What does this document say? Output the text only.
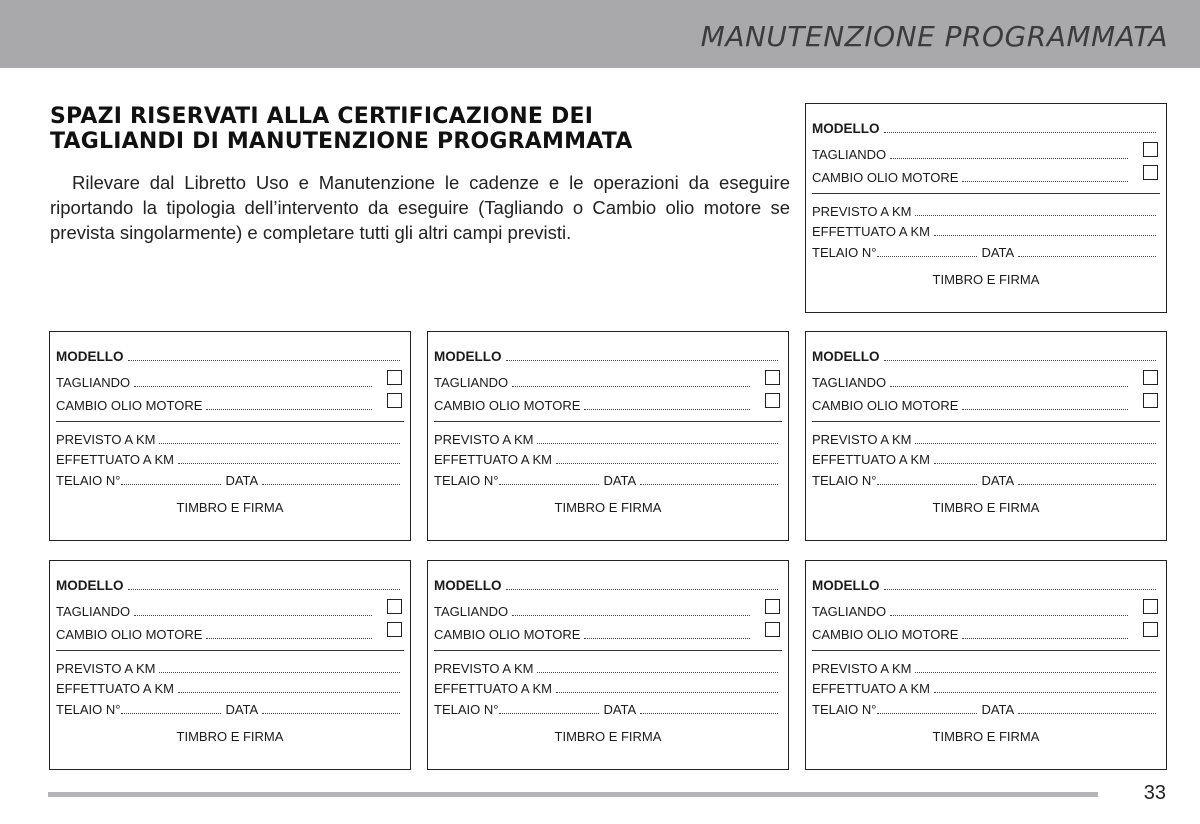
MANUTENZIONE PROGRAMMATA
SPAZI RISERVATI ALLA CERTIFICAZIONE DEI
TAGLIANDI DI MANUTENZIONE PROGRAMMATA
Rilevare dal Libretto Uso e Manutenzione le cadenze e le operazioni da eseguire riportando la tipologia dell’intervento da eseguire (Tagliando o Cambio olio motore se prevista singolarmente) e completare tutti gli altri campi previsti.
MODELLO
TAGLIANDO
CAMBIO OLIO MOTORE
PREVISTO A KM
EFFETTUATO A KM
TELAIO N°	DATA
TIMBRO E FIRMA
MODELLO
TAGLIANDO
CAMBIO OLIO MOTORE
PREVISTO A KM
EFFETTUATO A KM
TELAIO N°	DATA
TIMBRO E FIRMA
MODELLO
TAGLIANDO
CAMBIO OLIO MOTORE
PREVISTO A KM
EFFETTUATO A KM
TELAIO N°	DATA
TIMBRO E FIRMA
MODELLO
TAGLIANDO
CAMBIO OLIO MOTORE
PREVISTO A KM
EFFETTUATO A KM
TELAIO N°	DATA
TIMBRO E FIRMA
MODELLO
TAGLIANDO
CAMBIO OLIO MOTORE
PREVISTO A KM
EFFETTUATO A KM
TELAIO N°	DATA
TIMBRO E FIRMA
MODELLO
TAGLIANDO
CAMBIO OLIO MOTORE
PREVISTO A KM
EFFETTUATO A KM
TELAIO N°	DATA
TIMBRO E FIRMA
MODELLO
TAGLIANDO
CAMBIO OLIO MOTORE
PREVISTO A KM
EFFETTUATO A KM
TELAIO N°	DATA
TIMBRO E FIRMA
33
